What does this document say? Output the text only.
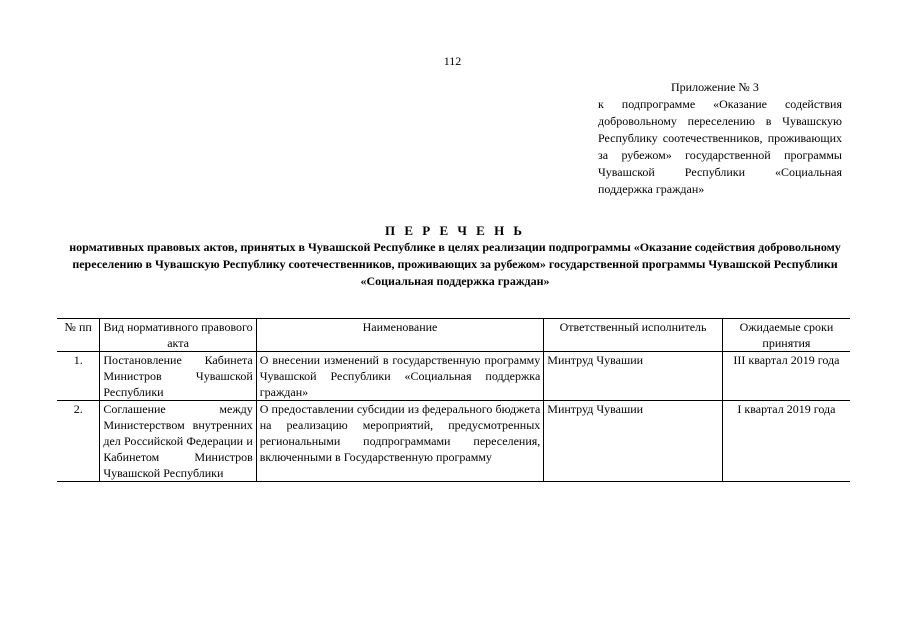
112
Приложение № 3
к подпрограмме «Оказание содействия добровольному переселению в Чувашскую Республику соотечественников, проживающих за рубежом» государственной программы Чувашской Республики «Социальная поддержка граждан»
П Е Р Е Ч Е Н Ь
нормативных правовых актов, принятых в Чувашской Республике в целях реализации подпрограммы «Оказание содействия добровольному переселению в Чувашскую Республику соотечественников, проживающих за рубежом» государственной программы Чувашской Республики «Социальная поддержка граждан»
№ пп	Вид нормативного правового акта	Наименование	Ответственный исполнитель	Ожидаемые сроки принятия
1.	Постановление Кабинета Министров Чувашской Республики	О внесении изменений в государственную программу Чувашской Республики «Социальная поддержка граждан»	Минтруд Чувашии	III квартал 2019 года
2.	Соглашение между Министерством внутренних дел Российской Федерации и Кабинетом Министров Чувашской Республики	О предоставлении субсидии из федерального бюджета на реализацию мероприятий, предусмотренных региональными подпрограммами переселения, включенными в Государственную программу	Минтруд Чувашии	I квартал 2019 года
